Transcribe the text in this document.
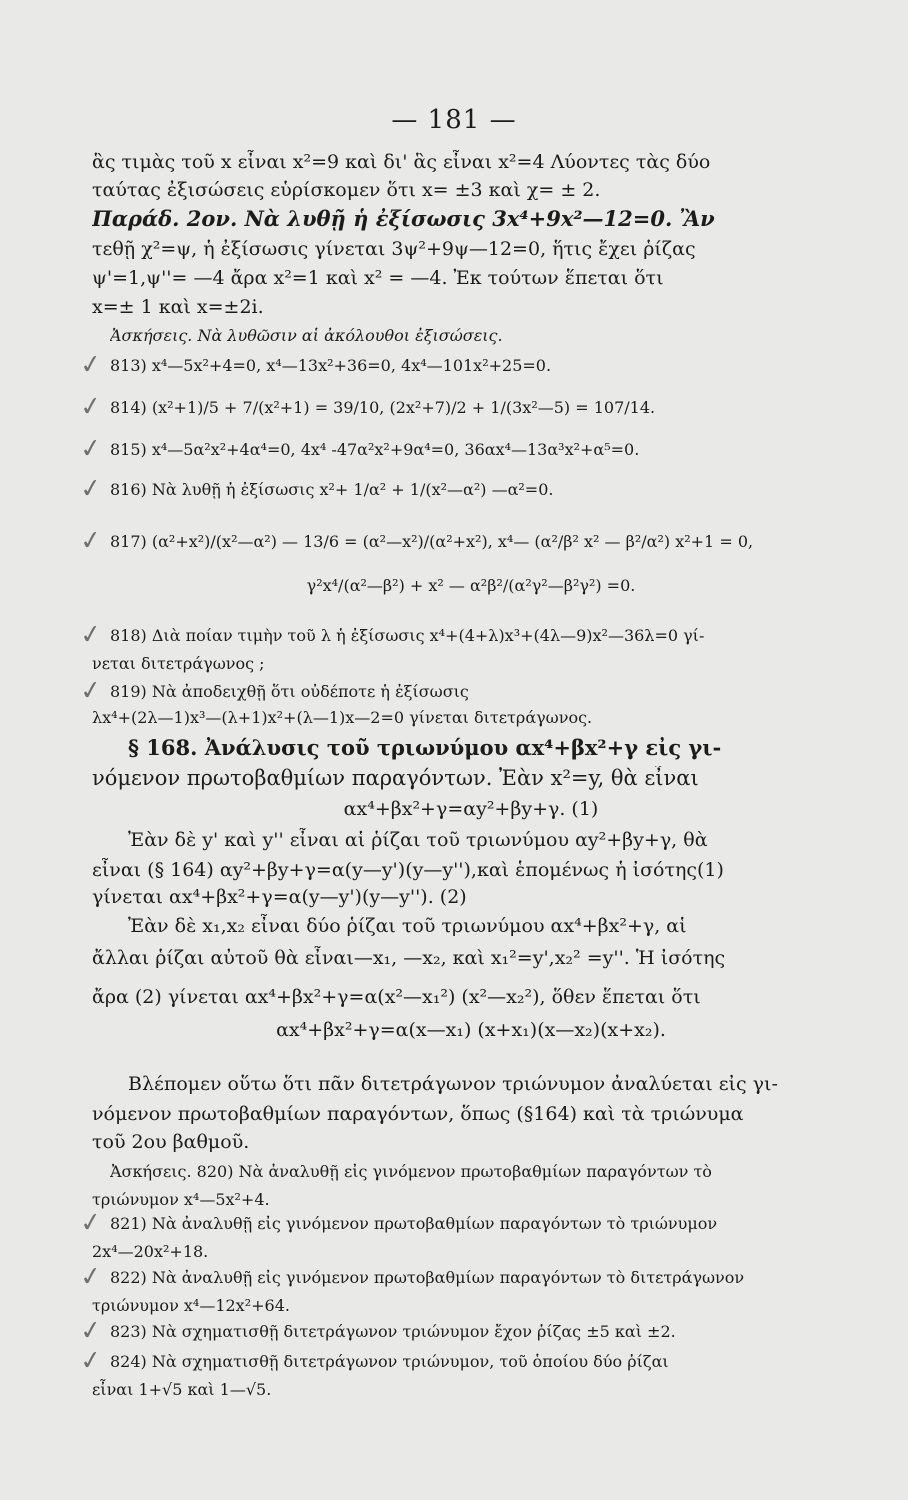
— 181 —
ἃς τιμὰς τοῦ x εἶναι x²=9 καὶ δι' ἃς εἶναι x²=4 Λύοντες τὰς δύο
ταύτας ἐξισώσεις εὑρίσκομεν ὅτι x= ±3 καὶ χ= ± 2.
Παράδ. 2ον. Νὰ λυθῇ ἡ ἐξίσωσις 3x⁴+9x²—12=0. Ἂν
τεθῇ χ²=ψ, ἡ ἐξίσωσις γίνεται 3ψ²+9ψ—12=0, ἥτις ἔχει ῥίζας
ψ'=1,ψ''= —4 ἄρα x²=1 καὶ x² = —4. Ἐκ τούτων ἕπεται ὅτι
x=± 1 καὶ x=±2i.
Ἀσκήσεις. Νὰ λυθῶσιν αἱ ἀκόλουθοι ἐξισώσεις.
✓ 813) x⁴—5x²+4=0, x⁴—13x²+36=0, 4x⁴—101x²+25=0.
✓ 814) (x²+1)/5 + 7/(x²+1) = 39/10, (2x²+7)/2 + 1/(3x²—5) = 107/14.
✓ 815) x⁴—5α²x²+4α⁴=0, 4x⁴ -47α²x²+9α⁴=0, 36αx⁴—13α³x²+α⁵=0.
✓ 816) Νὰ λυθῇ ἡ ἐξίσωσις x²+ 1/α² + 1/(x²—α²) —α²=0.
✓ 817) (α²+x²)/(x²—α²) — 13/6 = (α²—x²)/(α²+x²), x⁴— (α²/β² x² — β²/α²) x²+1 = 0,
γ²x⁴/(α²—β²) + x² — α²β²/(α²γ²—β²γ²) =0.
✓ 818) Διὰ ποίαν τιμὴν τοῦ λ ἡ ἐξίσωσις x⁴+(4+λ)x³+(4λ—9)x²—36λ=0 γί-
νεται διτετράγωνος ;
✓ 819) Νὰ ἀποδειχθῇ ὅτι οὐδέποτε ἡ ἐξίσωσις
λx⁴+(2λ—1)x³—(λ+1)x²+(λ—1)x—2=0 γίνεται διτετράγωνος.
§ 168. Ἀνάλυσις τοῦ τριωνύμου αx⁴+βx²+γ εἰς γι-
νόμενον πρωτοβαθμίων παραγόντων. Ἐὰν x²=y, θὰ εἶναι
αx⁴+βx²+γ=αy²+βy+γ. (1)
Ἐὰν δὲ y' καὶ y'' εἶναι αἱ ῥίζαι τοῦ τριωνύμου αy²+βy+γ, θὰ
εἶναι (§ 164) αy²+βy+γ=α(y—y')(y—y''),καὶ ἑπομένως ἡ ἰσότης(1)
γίνεται αx⁴+βx²+γ=α(y—y')(y—y''). (2)
Ἐὰν δὲ x₁,x₂ εἶναι δύο ῥίζαι τοῦ τριωνύμου αx⁴+βx²+γ, αἱ
ἄλλαι ῥίζαι αὐτοῦ θὰ εἶναι—x₁, —x₂, καὶ x₁²=y',x₂² =y''. Ἡ ἰσότης
ἄρα (2) γίνεται αx⁴+βx²+γ=α(x²—x₁²) (x²—x₂²), ὅθεν ἕπεται ὅτι
αx⁴+βx²+γ=α(x—x₁) (x+x₁)(x—x₂)(x+x₂).
Βλέπομεν οὕτω ὅτι πᾶν διτετράγωνον τριώνυμον ἀναλύεται εἰς γι-
νόμενον πρωτοβαθμίων παραγόντων, ὅπως (§164) καὶ τὰ τριώνυμα
τοῦ 2ου βαθμοῦ.
Ἀσκήσεις. 820) Νὰ ἀναλυθῇ εἰς γινόμενον πρωτοβαθμίων παραγόντων τὸ
τριώνυμον x⁴—5x²+4.
✓ 821) Νὰ ἀναλυθῇ εἰς γινόμενον πρωτοβαθμίων παραγόντων τὸ τριώνυμον
2x⁴—20x²+18.
✓ 822) Νὰ ἀναλυθῇ εἰς γινόμενον πρωτοβαθμίων παραγόντων τὸ διτετράγωνον
τριώνυμον x⁴—12x²+64.
✓ 823) Νὰ σχηματισθῇ διτετράγωνον τριώνυμον ἔχον ῥίζας ±5 καὶ ±2.
✓ 824) Νὰ σχηματισθῇ διτετράγωνον τριώνυμον, τοῦ ὁποίου δύο ῥίζαι
εἶναι 1+√5 καὶ 1—√5.
